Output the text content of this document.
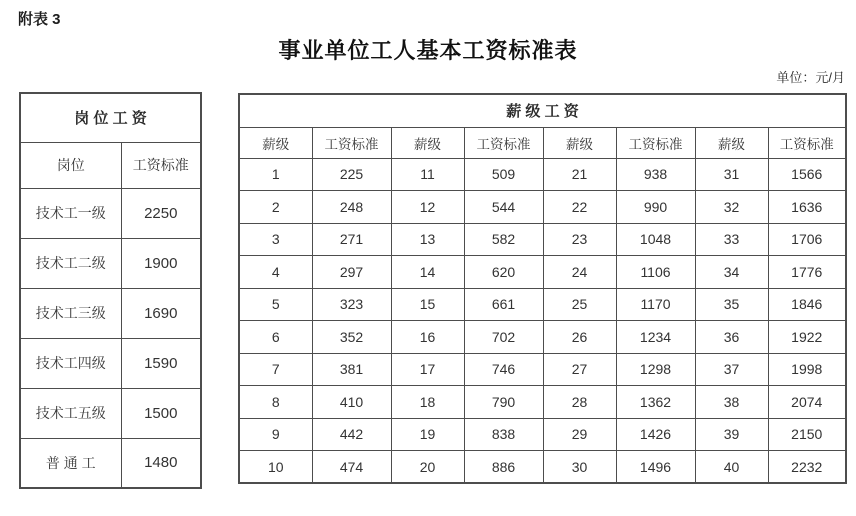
附表 3
事业单位工人基本工资标准表
单位：元/月
岗 位 工 资	
岗位	工资标准
技术工一级	2250
技术工二级	1900
技术工三级	1690
技术工四级	1590
技术工五级	1500
普 通 工	1480
薪 级 工 资							
薪级	工资标准	薪级	工资标准	薪级	工资标准	薪级	工资标准
1	225	11	509	21	938	31	1566
2	248	12	544	22	990	32	1636
3	271	13	582	23	1048	33	1706
4	297	14	620	24	1106	34	1776
5	323	15	661	25	1170	35	1846
6	352	16	702	26	1234	36	1922
7	381	17	746	27	1298	37	1998
8	410	18	790	28	1362	38	2074
9	442	19	838	29	1426	39	2150
10	474	20	886	30	1496	40	2232
